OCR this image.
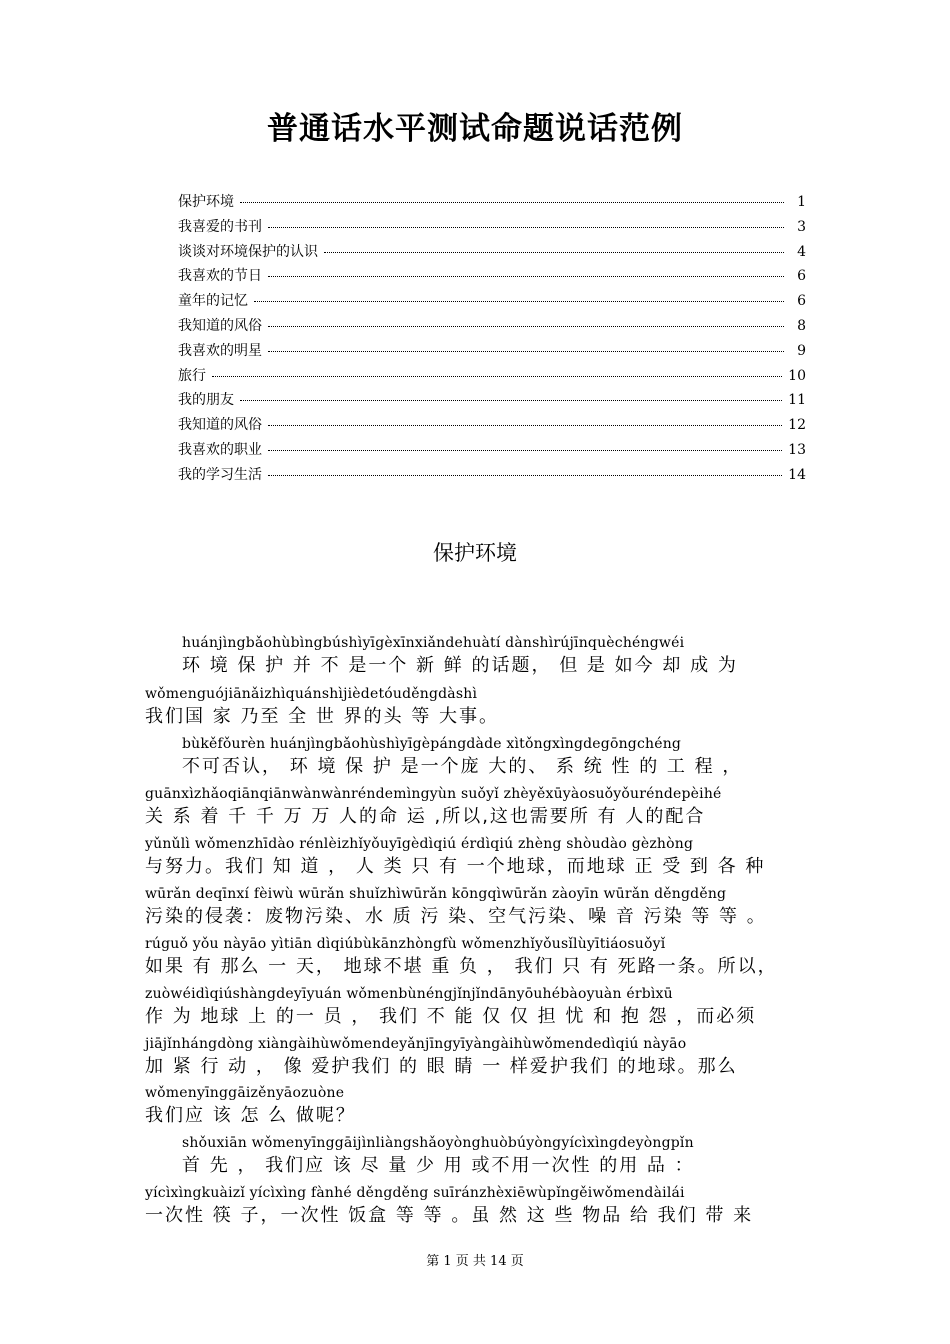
普通话水平测试命题说话范例
保护环境	1
我喜爱的书刊	3
谈谈对环境保护的认识	4
我喜欢的节日	6
童年的记忆	6
我知道的风俗	8
我喜欢的明星	9
旅行	10
我的朋友	11
我知道的风俗	12
我喜欢的职业	13
我的学习生活	14
保护环境
huánjìngbǎohùbìngbúshìyīgèxīnxiǎndehuàtí dànshìrújīnquèchéngwéi
环 境 保 护 并 不 是一个 新 鲜 的话题， 但 是 如今 却 成 为
wǒmenguójiānǎizhìquánshìjièdetóuděngdàshì
我们国 家 乃至 全 世 界的头 等 大事。
bùkěfǒurèn huánjìngbǎohùshìyīgèpángdàde xìtǒngxìngdegōngchéng
不可否认， 环 境 保 护 是一个庞 大的、 系 统 性 的 工 程 ，
guānxìzhǎoqiānqiānwànwànréndemìngyùn suǒyǐ zhèyěxūyàosuǒyǒuréndepèihé
关 系 着 千 千 万 万 人的命 运 ,所以,这也需要所 有 人的配合
yǔnǔlì wǒmenzhīdào rénlèizhǐyǒuyīgèdìqiú érdìqiú zhèng shòudào gèzhòng
与努力。我们 知 道 ， 人 类 只 有 一个地球，而地球 正 受 到 各 种
wūrǎn deqīnxí fèiwù wūrǎn shuǐzhìwūrǎn kōngqìwūrǎn zàoyīn wūrǎn děngděng
污染的侵袭：废物污染、水 质 污 染、空气污染、噪 音 污染 等 等 。
rúguǒ yǒu nàyāo yìtiān dìqiúbùkānzhòngfù wǒmenzhǐyǒusǐlùyītiáosuǒyǐ
如果 有 那么 一 天， 地球不堪 重 负 ， 我们 只 有 死路一条。所以，
zuòwéidìqiúshàngdeyīyuán wǒmenbùnéngjǐnjǐndānyōuhébàoyuàn érbìxū
作 为 地球 上 的一 员 ， 我们 不 能 仅 仅 担 忧 和 抱 怨 ，而必须
jiājǐnhángdòng xiàngàihùwǒmendeyǎnjīngyīyàngàihùwǒmendedìqiú nàyāo
加 紧 行 动 ， 像 爱护我们 的 眼 睛 一 样爱护我们 的地球。那么
wǒmenyīnggāizěnyāozuòne
我们应 该 怎 么 做呢？
shǒuxiān wǒmenyīnggāijìnliàngshǎoyònghuòbúyòngyícìxìngdeyòngpǐn
首 先 ， 我们应 该 尽 量 少 用 或不用一次性 的用 品 ：
yícìxìngkuàizǐ yícìxìng fànhé děngděng suīránzhèxiēwùpǐngěiwǒmendàilái
一次性 筷 子，一次性 饭盒 等 等 。虽 然 这 些 物品 给 我们 带 来
第 1 页 共 14 页
